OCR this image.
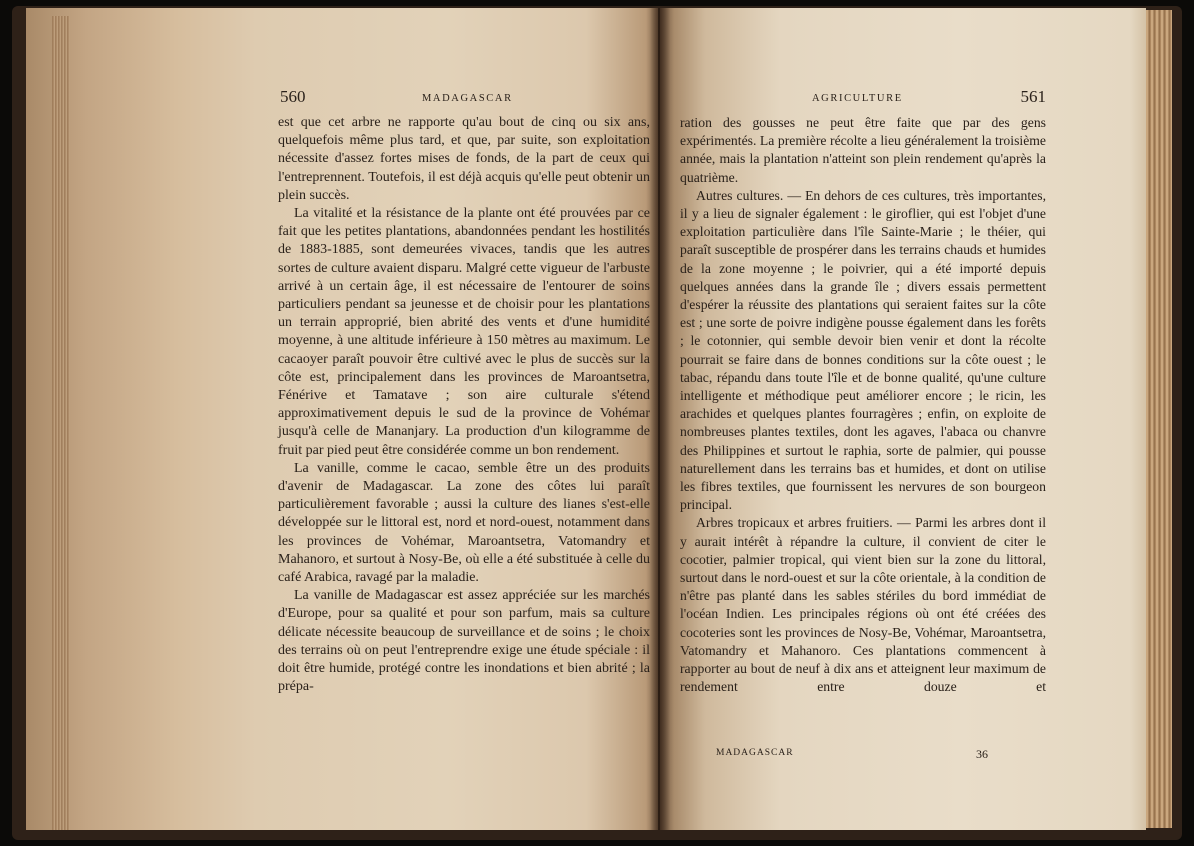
560	MADAGASCAR

est que cet arbre ne rapporte qu'au bout de cinq ou six ans, quelquefois même plus tard, et que, par suite, son exploitation nécessite d'assez fortes mises de fonds, de la part de ceux qui l'entreprennent. Toutefois, il est déjà acquis qu'elle peut obtenir un plein succès.

La vitalité et la résistance de la plante ont été prouvées par ce fait que les petites plantations, abandonnées pendant les hostilités de 1883-1885, sont demeurées vivaces, tandis que les autres sortes de culture avaient disparu. Malgré cette vigueur de l'arbuste arrivé à un certain âge, il est nécessaire de l'entourer de soins particuliers pendant sa jeunesse et de choisir pour les plantations un terrain approprié, bien abrité des vents et d'une humidité moyenne, à une altitude inférieure à 150 mètres au maximum. Le cacaoyer paraît pouvoir être cultivé avec le plus de succès sur la côte est, principalement dans les provinces de Maroantsetra, Fénérive et Tamatave ; son aire culturale s'étend approximativement depuis le sud de la province de Vohémar jusqu'à celle de Mananjary. La production d'un kilogramme de fruit par pied peut être considérée comme un bon rendement.

La vanille, comme le cacao, semble être un des produits d'avenir de Madagascar. La zone des côtes lui paraît particulièrement favorable ; aussi la culture des lianes s'est-elle développée sur le littoral est, nord et nord-ouest, notamment dans les provinces de Vohémar, Maroantsetra, Vatomandry et Mahanoro, et surtout à Nosy-Be, où elle a été substituée à celle du café Arabica, ravagé par la maladie.

La vanille de Madagascar est assez appréciée sur les marchés d'Europe, pour sa qualité et pour son parfum, mais sa culture délicate nécessite beaucoup de surveillance et de soins ; le choix des terrains où on peut l'entreprendre exige une étude spéciale : il doit être humide, protégé contre les inondations et bien abrité ; la prépa-

AGRICULTURE	561

ration des gousses ne peut être faite que par des gens expérimentés. La première récolte a lieu généralement la troisième année, mais la plantation n'atteint son plein rendement qu'après la quatrième.

Autres cultures. — En dehors de ces cultures, très importantes, il y a lieu de signaler également : le giroflier, qui est l'objet d'une exploitation particulière dans l'île Sainte-Marie ; le théier, qui paraît susceptible de prospérer dans les terrains chauds et humides de la zone moyenne ; le poivrier, qui a été importé depuis quelques années dans la grande île ; divers essais permettent d'espérer la réussite des plantations qui seraient faites sur la côte est ; une sorte de poivre indigène pousse également dans les forêts ; le cotonnier, qui semble devoir bien venir et dont la récolte pourrait se faire dans de bonnes conditions sur la côte ouest ; le tabac, répandu dans toute l'île et de bonne qualité, qu'une culture intelligente et méthodique peut améliorer encore ; le ricin, les arachides et quelques plantes fourragères ; enfin, on exploite de nombreuses plantes textiles, dont les agaves, l'abaca ou chanvre des Philippines et surtout le raphia, sorte de palmier, qui pousse naturellement dans les terrains bas et humides, et dont on utilise les fibres textiles, que fournissent les nervures de son bourgeon principal.

Arbres tropicaux et arbres fruitiers. — Parmi les arbres dont il y aurait intérêt à répandre la culture, il convient de citer le cocotier, palmier tropical, qui vient bien sur la zone du littoral, surtout dans le nord-ouest et sur la côte orientale, à la condition de n'être pas planté dans les sables stériles du bord immédiat de l'océan Indien. Les principales régions où ont été créées des cocoteries sont les provinces de Nosy-Be, Vohémar, Maroantsetra, Vatomandry et Mahanoro. Ces plantations commencent à rapporter au bout de neuf à dix ans et atteignent leur maximum de rendement entre douze et

MADAGASCAR	36
